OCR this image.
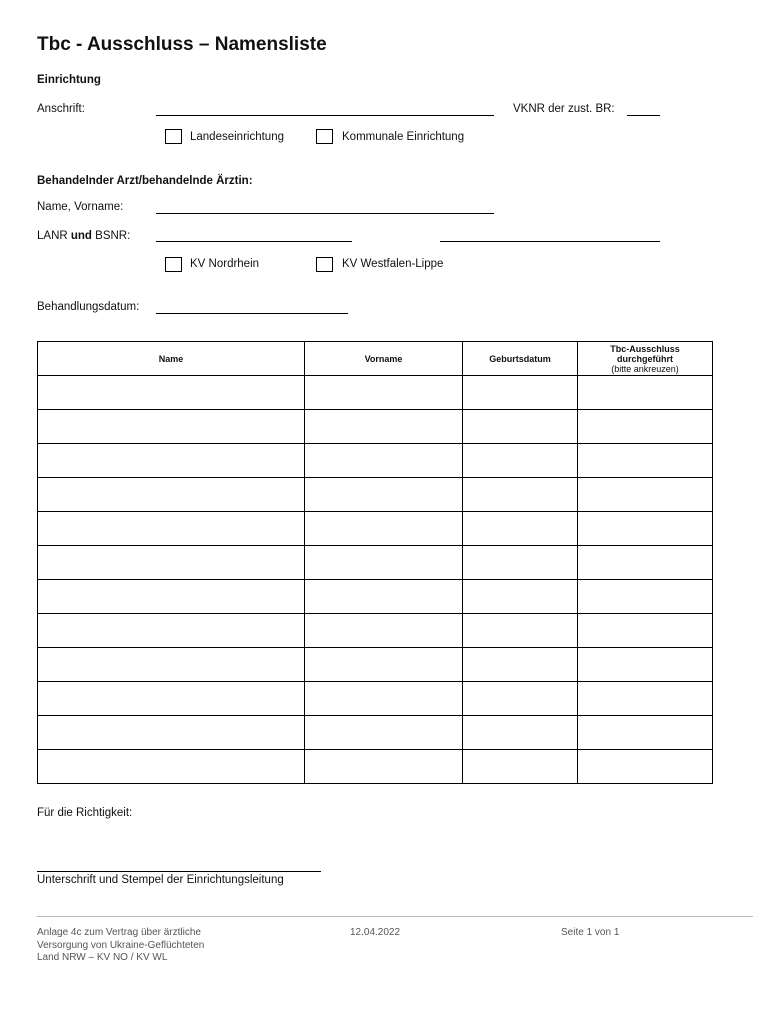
Tbc - Ausschluss – Namensliste
Einrichtung
Anschrift:	VKNR der zust. BR:
Landeseinrichtung	Kommunale Einrichtung
Behandelnder Arzt/behandelnde Ärztin:
Name, Vorname:
LANR und BSNR:
KV Nordrhein	KV Westfalen-Lippe
Behandlungsdatum:
Name	Vorname	Geburtsdatum	Tbc-Ausschluss
durchgeführt
(bitte ankreuzen)

Für die Richtigkeit:
Unterschrift und Stempel der Einrichtungsleitung
Anlage 4c zum Vertrag über ärztliche
Versorgung von Ukraine-Geflüchteten
Land NRW – KV NO / KV WL
12.04.2022	Seite 1 von 1
